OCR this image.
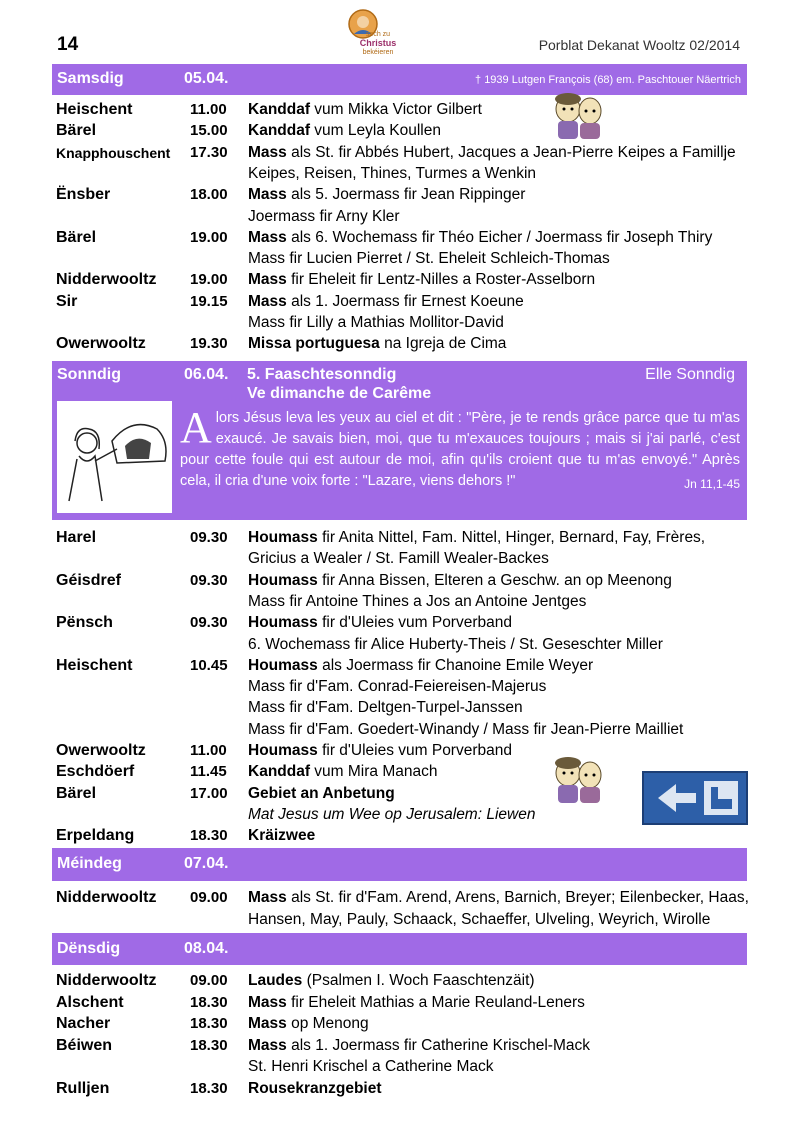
14	sech zu
Christus
bekéieren	Porblat Dekanat Wooltz 02/2014
Samsdig	05.04.	† 1939 Lutgen François (68) em. Paschtouer Näertrich
Heischent	11.00 Kanddaf vum Mikka Victor Gilbert
Bärel	15.00 Kanddaf vum Leyla Koullen
Knapphouschent 17.30 Mass als St. fir Abbés Hubert, Jacques a Jean-Pierre Keipes a Famillje
Keipes, Reisen, Thines, Turmes a Wenkin
Ënsber	18.00 Mass als 5. Joermass fir Jean Rippinger
Joermass fir Arny Kler
Bärel	19.00 Mass als 6. Wochemass fir Théo Eicher / Joermass fir Joseph Thiry
Mass fir Lucien Pierret / St. Eheleit Schleich-Thomas
Nidderwooltz 19.00 Mass fir Eheleit fir Lentz-Nilles a Roster-Asselborn
Sir	19.15 Mass als 1. Joermass fir Ernest Koeune
Mass fir Lilly a Mathias Mollitor-David
Owerwooltz	19.30 Missa portuguesa na Igreja de Cima
Sonndig	06.04. 5. Faaschtesonndig
Ve dimanche de Carême
Elle Sonndig
Alors Jésus leva les yeux au ciel et dit : "Père, je te rends grâce parce que tu m'as exaucé. Je savais bien, moi, que tu m'exauces toujours ; mais si j'ai parlé, c'est pour cette foule qui est autour de moi, afin qu'ils croient que tu m'as envoyé." Après cela, il cria d'une voix forte : "Lazare, viens dehors !"	Jn 11,1-45
Harel	09.30 Houmass fir Anita Nittel, Fam. Nittel, Hinger, Bernard, Fay, Frères,
Gricius a Wealer / St. Famill Wealer-Backes
Géisdref	09.30 Houmass fir Anna Bissen, Elteren a Geschw. an op Meenong
Mass fir Antoine Thines a Jos an Antoine Jentges
Pënsch	09.30 Houmass fir d'Uleies vum Porverband
6. Wochemass fir Alice Huberty-Theis / St. Geseschter Miller
Heischent	10.45 Houmass als Joermass fir Chanoine Emile Weyer
Mass fir d'Fam. Conrad-Feiereisen-Majerus
Mass fir d'Fam. Deltgen-Turpel-Janssen
Mass fir d'Fam. Goedert-Winandy / Mass fir Jean-Pierre Mailliet
Owerwooltz	11.00 Houmass fir d'Uleies vum Porverband
Eschdöerf	11.45 Kanddaf vum Mira Manach
Bärel	17.00 Gebiet an Anbetung
Mat Jesus um Wee op Jerusalem: Liewen
Erpeldang	18.30 Kräizwee
Méindeg	07.04.
Nidderwooltz 09.00 Mass als St. fir d'Fam. Arend, Arens, Barnich, Breyer; Eilenbecker, Haas,
Hansen, May, Pauly, Schaack, Schaeffer, Ulveling, Weyrich, Wirolle
Dënsdig	08.04.
Nidderwooltz 09.00 Laudes (Psalmen I. Woch Faaschtenzäit)
Alschent	18.30 Mass fir Eheleit Mathias a Marie Reuland-Leners
Nacher	18.30 Mass op Menong
Béiwen	18.30 Mass als 1. Joermass fir Catherine Krischel-Mack
St. Henri Krischel a Catherine Mack
Rulljen	18.30 Rousekranzgebiet
